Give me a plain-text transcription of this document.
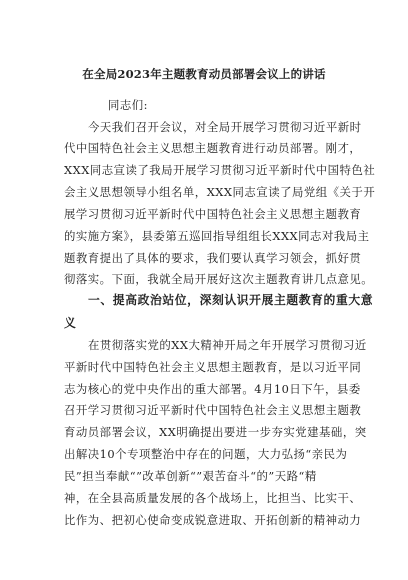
在全局2023年主题教育动员部署会议上的讲话
同志们:
今天我们召开会议，对全局开展学习贯彻习近平新时
代中国特色社会主义思想主题教育进行动员部署。刚才，
XXX同志宣读了我局开展学习贯彻习近平新时代中国特色社
会主义思想领导小组名单，XXX同志宣读了局党组《关于开
展学习贯彻习近平新时代中国特色社会主义思想主题教育
的实施方案》，县委第五巡回指导组组长XXX同志对我局主
题教育提出了具体的要求，我们要认真学习领会，抓好贯
彻落实。下面，我就全局开展好这次主题教育讲几点意见。
一、提高政治站位，深刻认识开展主题教育的重大意
义
在贯彻落实党的XX大精神开局之年开展学习贯彻习近
平新时代中国特色社会主义思想主题教育，是以习近平同
志为核心的党中央作出的重大部署。4月10日下午，县委
召开学习贯彻习近平新时代中国特色社会主义思想主题教
育动员部署会议，XX明确提出要进一步夯实党建基础，突
出解决10个专项整治中存在的问题，大力弘扬“亲民为
民”担当奉献“”改革创新“”艰苦奋斗“的”天路“精
神，在全县高质量发展的各个战场上，比担当、比实干、
比作为、把初心使命变成锐意进取、开拓创新的精神动力
